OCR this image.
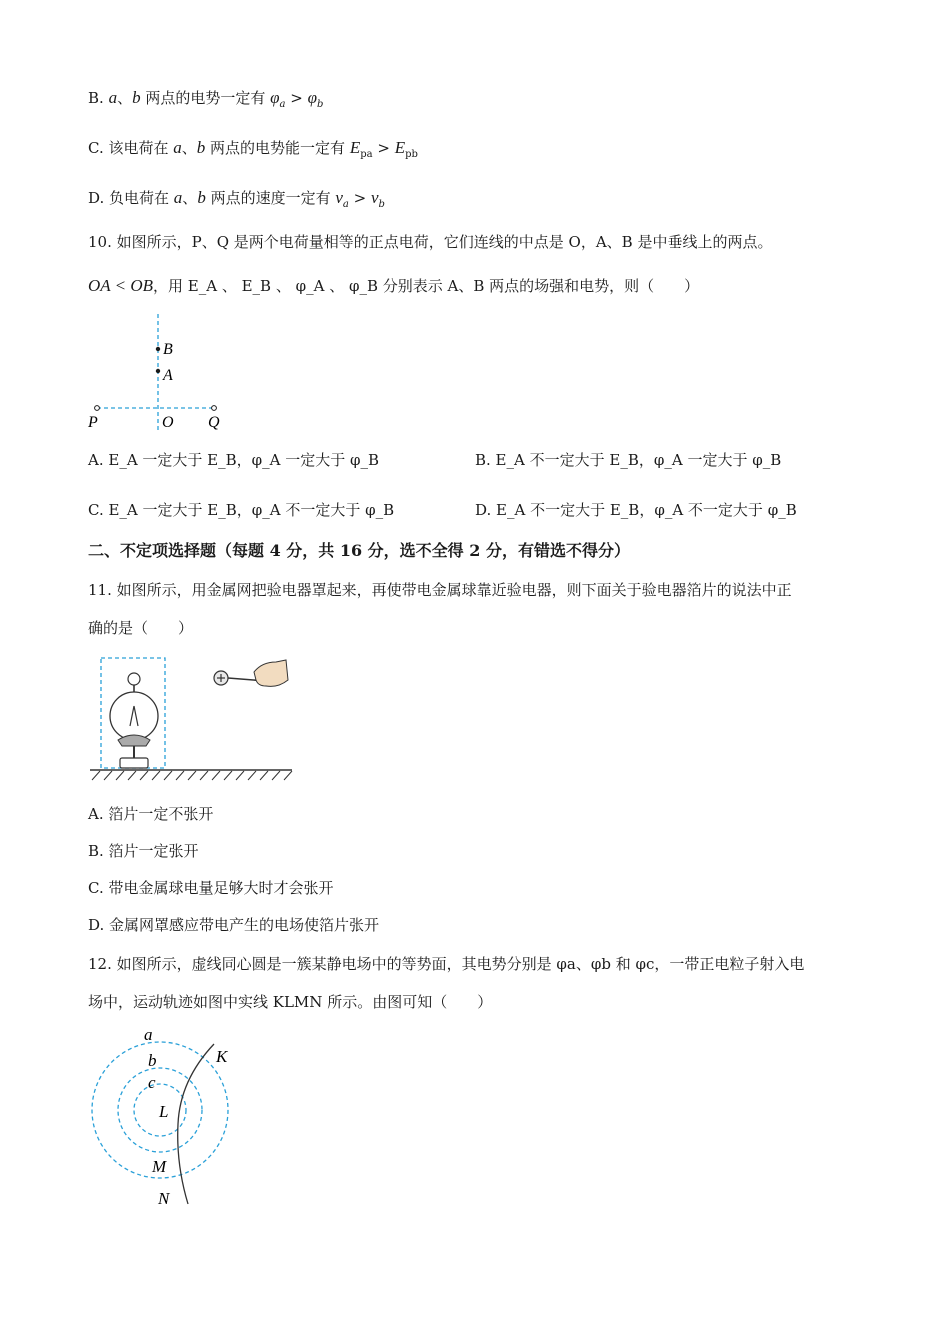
B. a、b 两点的电势一定有 $\varphi_a > \varphi_b$
C. 该电荷在 a、b 两点的电势能一定有 $E_{pa} > E_{pb}$
D. 负电荷在 a、b 两点的速度一定有 $v_a > v_b$
10. 如图所示，P、Q 是两个电荷量相等的正点电荷，它们连线的中点是 O，A、B 是中垂线上的两点。
OA < OB，用 E_A 、 E_B 、 φ_A 、 φ_B 分别表示 A、B 两点的场强和电势，则（　　）
B
A
P	O Q
A. E_A 一定大于 E_B，φ_A 一定大于 φ_B	B. E_A 不一定大于 E_B，φ_A 一定大于 φ_B
C. E_A 一定大于 E_B，φ_A 不一定大于 φ_B	D. E_A 不一定大于 E_B，φ_A 不一定大于 φ_B
二、不定项选择题（每题 4 分，共 16 分，选不全得 2 分，有错选不得分）
11. 如图所示，用金属网把验电器罩起来，再使带电金属球靠近验电器，则下面关于验电器箔片的说法中正
确的是（　　）
A. 箔片一定不张开
B. 箔片一定张开
C. 带电金属球电量足够大时才会张开
D. 金属网罩感应带电产生的电场使箔片张开
12. 如图所示，虚线同心圆是一簇某静电场中的等势面，其电势分别是 φa、φb 和 φc，一带正电粒子射入电
场中，运动轨迹如图中实线 KLMN 所示。由图可知（　　）
a
b
c
K
L
M
N
